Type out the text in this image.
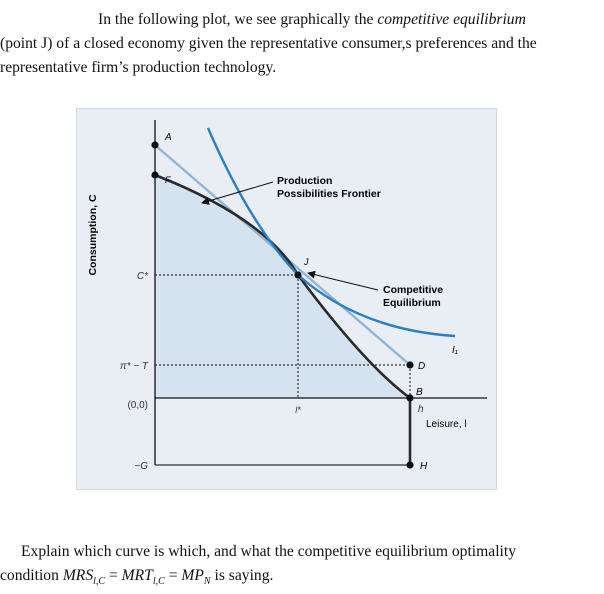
In the following plot, we see graphically the competitive equilibrium
(point J) of a closed economy given the representative consumer,s preferences and the
representative firm’s production technology.
Consumption, C
C*
π* − T
(0,0)
−G
l*	h
A
F
J
D
B
H
I₁
Production
Possibilities Frontier
Competitive
Equilibrium
Leisure, l
Explain which curve is which, and what the competitive equilibrium optimality
condition $MRS_{l,C} = MRT_{l,C} = MP_N$ is saying.
